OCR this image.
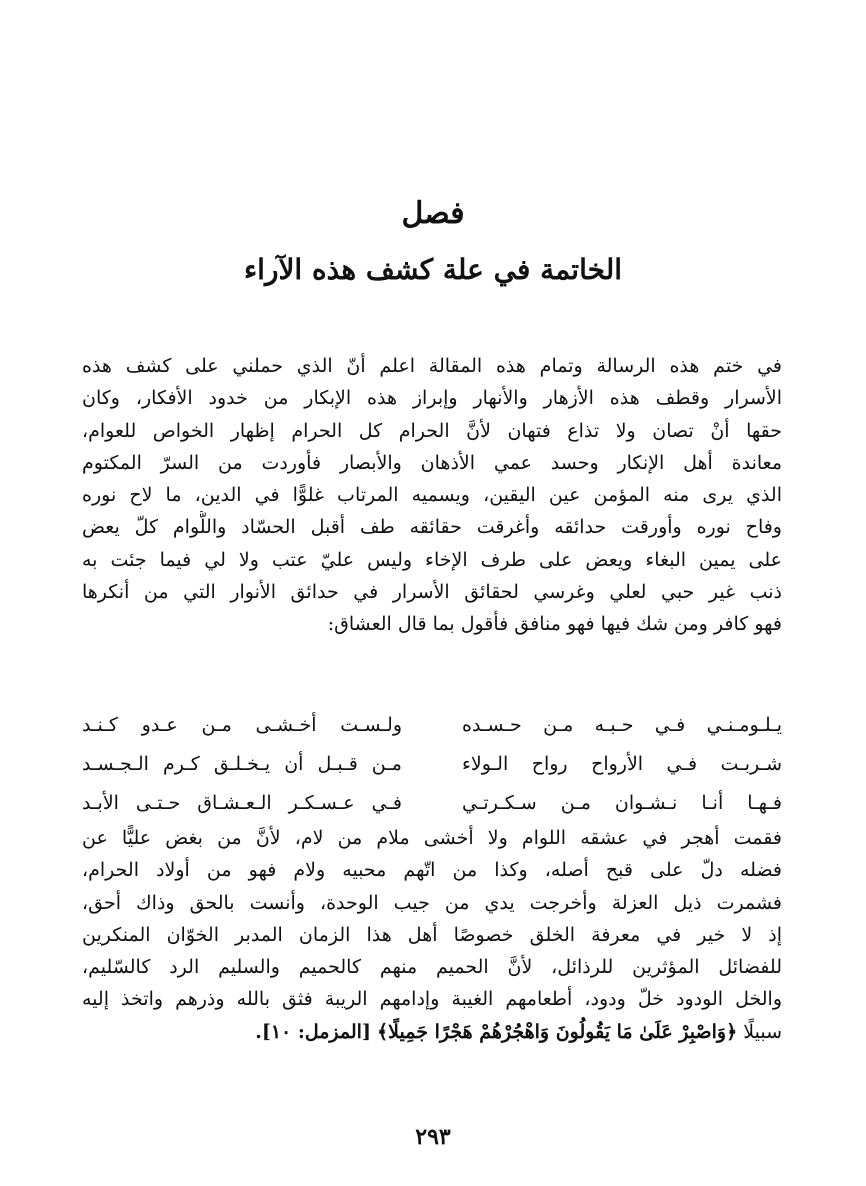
فصل
الخاتمة في علة كشف هذه الآراء
في ختم هذه الرسالة وتمام هذه المقالة اعلم أنّ الذي حملني على كشف هذه
الأسرار وقطف هذه الأزهار والأنهار وإبراز هذه الإبكار من خدود الأفكار، وكان
حقها أنْ تصان ولا تذاع فتهان لأنَّ الحرام كل الحرام إظهار الخواص للعوام،
معاندة أهل الإنكار وحسد عمي الأذهان والأبصار فأوردت من السرّ المكتوم
الذي يرى منه المؤمن عين اليقين، ويسميه المرتاب غلوًّا في الدين، ما لاح نوره
وفاح نوره وأورقت حدائقه وأغرقت حقائقه طف أقبل الحسّاد واللُّوام كلّ يعض
على يمين البغاء ويعض على طرف الإخاء وليس عليّ عتب ولا لي فيما جئت به
ذنب غير حبي لعلي وغرسي لحقائق الأسرار في حدائق الأنوار التي من أنكرها
فهو كافر ومن شك فيها فهو منافق فأقول بما قال العشاق:
يـلـومـنـي فـي حـبـه مـن حـسـده
ولـسـت أخـشـى مـن عـدو كـنـد
شـربـت فـي الأرواح رواح الـولاء
مـن قـبـل أن يـخـلـق كـرم الـجـسـد
فـهـا أنـا نـشـوان مـن سـكـرتـي
فـي عـسـكـر الـعـشـاق حـتـى الأبـد
فقمت أهجر في عشقه اللوام ولا أخشى ملام من لام، لأنَّ من بغض عليًّا عن
فضله دلّ على قبح أصله، وكذا من اتّهم محبيه ولام فهو من أولاد الحرام،
فشمرت ذيل العزلة وأخرجت يدي من جيب الوحدة، وأنست بالحق وذاك أحق،
إذ لا خير في معرفة الخلق خصوصًا أهل هذا الزمان المدبر الخوّان المنكرين
للفضائل المؤثرين للرذائل، لأنَّ الحميم منهم كالحميم والسليم الرد كالسّليم،
والخل الودود خلّ ودود، أطعامهم الغيبة وإدامهم الريبة فثق بالله وذرهم واتخذ إليه
سبيلًا ﴿وَاصْبِرْ عَلَىٰ مَا يَقُولُونَ وَاهْجُرْهُمْ هَجْرًا جَمِيلًا﴾ [المزمل: ١٠].
٢٩٣
